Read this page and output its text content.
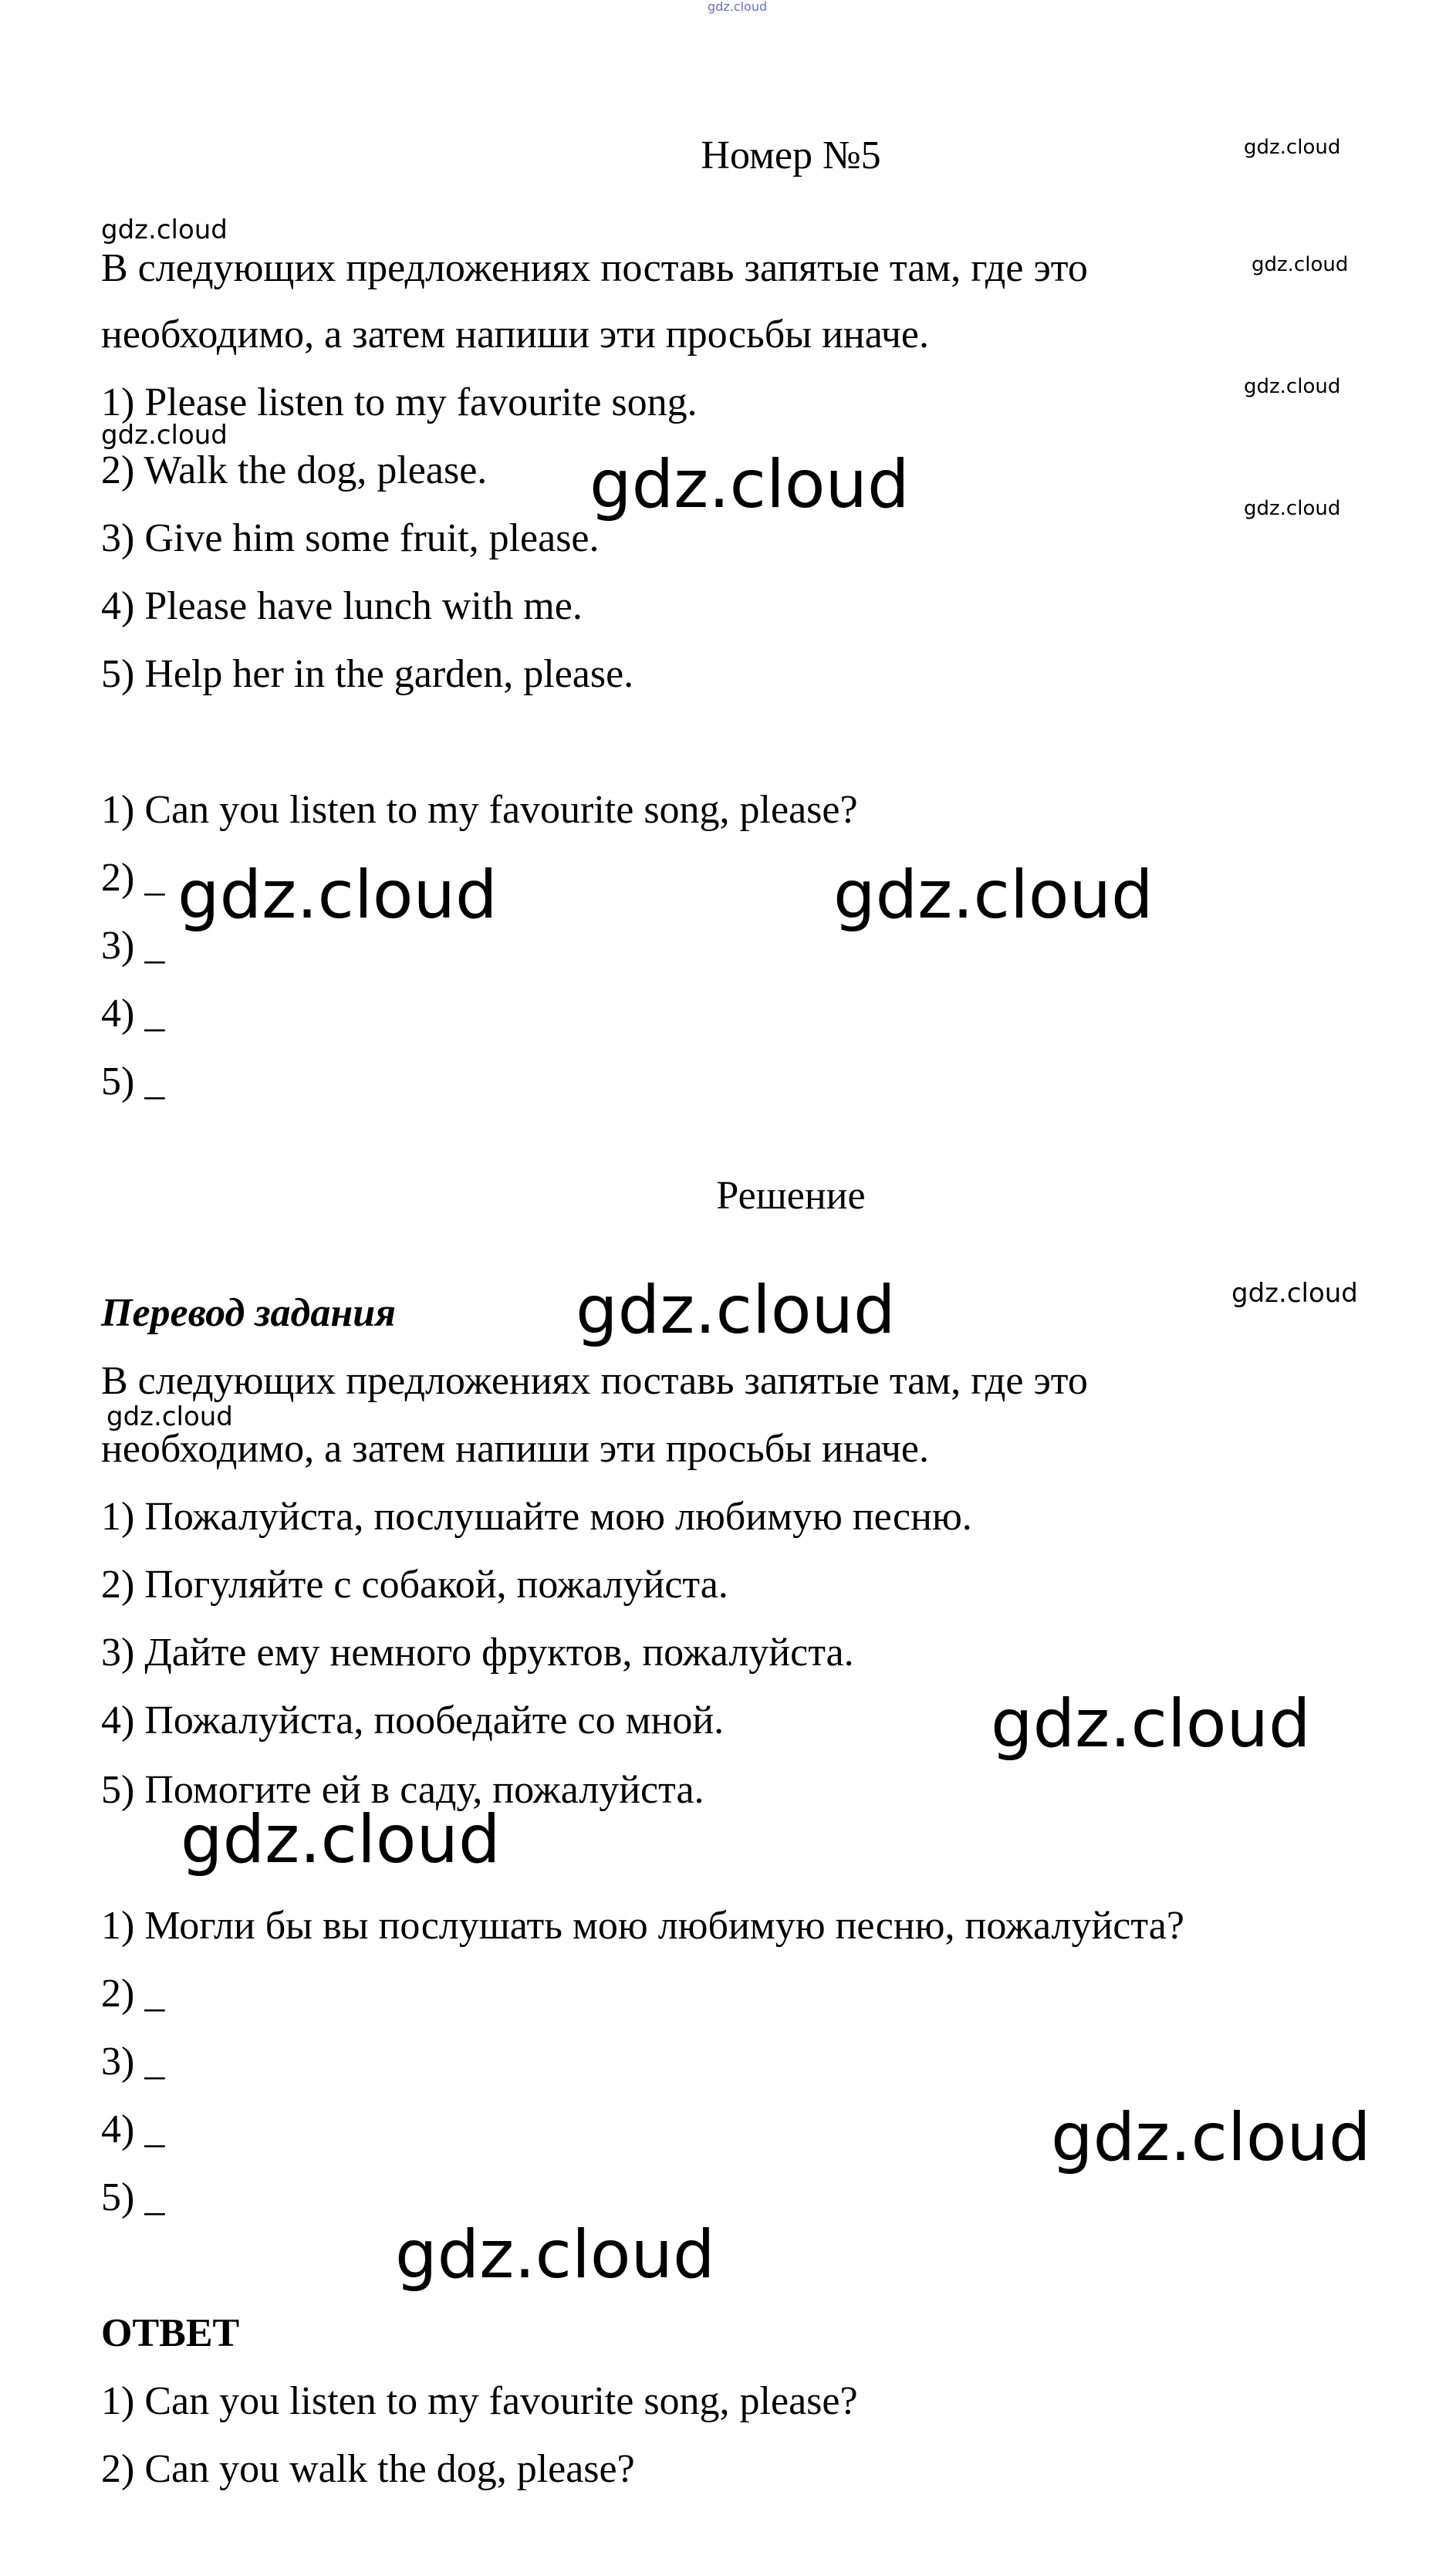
gdz.cloud
Номер №5
В следующих предложениях поставь запятые там, где это
необходимо, а затем напиши эти просьбы иначе.
1) Please listen to my favourite song.
2) Walk the dog, please.
3) Give him some fruit, please.
4) Please have lunch with me.
5) Help her in the garden, please.
1) Can you listen to my favourite song, please?
2) _
3) _
4) _
5) _
Решение
Перевод задания
В следующих предложениях поставь запятые там, где это
необходимо, а затем напиши эти просьбы иначе.
1) Пожалуйста, послушайте мою любимую песню.
2) Погуляйте с собакой, пожалуйста.
3) Дайте ему немного фруктов, пожалуйста.
4) Пожалуйста, пообедайте со мной.
5) Помогите ей в саду, пожалуйста.
1) Могли бы вы послушать мою любимую песню, пожалуйста?
2) _
3) _
4) _
5) _
ОТВЕТ
1) Can you listen to my favourite song, please?
2) Can you walk the dog, please?
gdz.cloud
gdz.cloud
gdz.cloud
gdz.cloud
gdz.cloud
gdz.cloud
gdz.cloud
gdz.cloud
gdz.cloud
gdz.cloud	gdz.cloud
gdz.cloud
gdz.cloud
gdz.cloud
gdz.cloud
gdz.cloud
